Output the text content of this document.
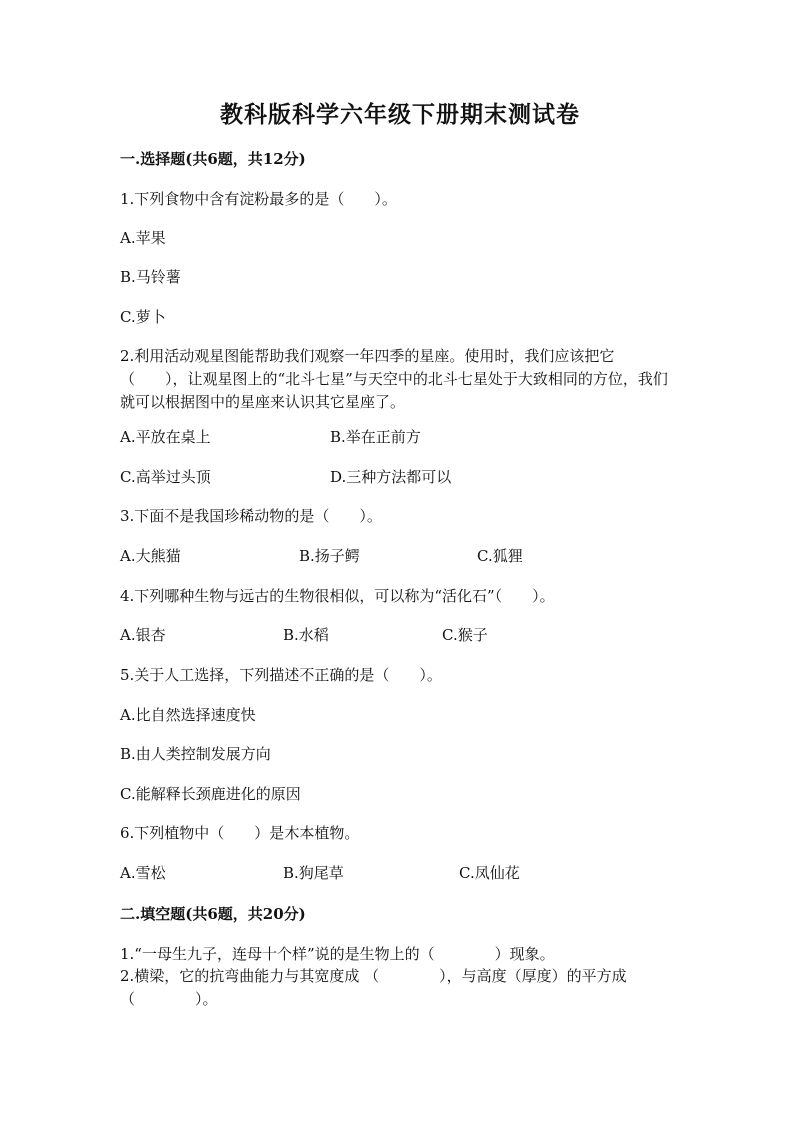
教科版科学六年级下册期末测试卷
一.选择题(共6题，共12分)
1.下列食物中含有淀粉最多的是（　　）。
A.苹果
B.马铃薯
C.萝卜
2.利用活动观星图能帮助我们观察一年四季的星座。使用时，我们应该把它（　　），让观星图上的“北斗七星”与天空中的北斗七星处于大致相同的方位，我们就可以根据图中的星座来认识其它星座了。
A.平放在桌上	B.举在正前方
C.高举过头顶	D.三种方法都可以
3.下面不是我国珍稀动物的是（　　）。
A.大熊猫	B.扬子鳄	C.狐狸
4.下列哪种生物与远古的生物很相似，可以称为“活化石”（　　）。
A.银杏	B.水稻	C.猴子
5.关于人工选择，下列描述不正确的是（　　）。
A.比自然选择速度快
B.由人类控制发展方向
C.能解释长颈鹿进化的原因
6.下列植物中（　　）是木本植物。
A.雪松	B.狗尾草	C.凤仙花
二.填空题(共6题，共20分)
1.“一母生九子，连母十个样”说的是生物上的（　　　　）现象。
2.横梁，它的抗弯曲能力与其宽度成 （　　　　），与高度（厚度）的平方成（　　　　）。
